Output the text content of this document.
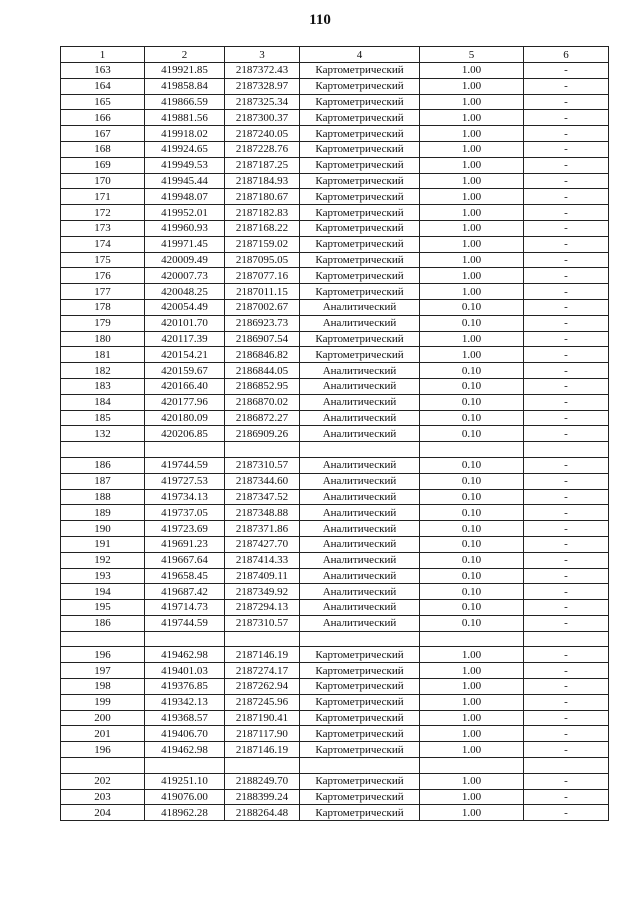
110
1	2	3	4	5	6
163	419921.85	2187372.43	Картометрический	1.00	-
164	419858.84	2187328.97	Картометрический	1.00	-
165	419866.59	2187325.34	Картометрический	1.00	-
166	419881.56	2187300.37	Картометрический	1.00	-
167	419918.02	2187240.05	Картометрический	1.00	-
168	419924.65	2187228.76	Картометрический	1.00	-
169	419949.53	2187187.25	Картометрический	1.00	-
170	419945.44	2187184.93	Картометрический	1.00	-
171	419948.07	2187180.67	Картометрический	1.00	-
172	419952.01	2187182.83	Картометрический	1.00	-
173	419960.93	2187168.22	Картометрический	1.00	-
174	419971.45	2187159.02	Картометрический	1.00	-
175	420009.49	2187095.05	Картометрический	1.00	-
176	420007.73	2187077.16	Картометрический	1.00	-
177	420048.25	2187011.15	Картометрический	1.00	-
178	420054.49	2187002.67	Аналитический	0.10	-
179	420101.70	2186923.73	Аналитический	0.10	-
180	420117.39	2186907.54	Картометрический	1.00	-
181	420154.21	2186846.82	Картометрический	1.00	-
182	420159.67	2186844.05	Аналитический	0.10	-
183	420166.40	2186852.95	Аналитический	0.10	-
184	420177.96	2186870.02	Аналитический	0.10	-
185	420180.09	2186872.27	Аналитический	0.10	-
132	420206.85	2186909.26	Аналитический	0.10	-

186	419744.59	2187310.57	Аналитический	0.10	-
187	419727.53	2187344.60	Аналитический	0.10	-
188	419734.13	2187347.52	Аналитический	0.10	-
189	419737.05	2187348.88	Аналитический	0.10	-
190	419723.69	2187371.86	Аналитический	0.10	-
191	419691.23	2187427.70	Аналитический	0.10	-
192	419667.64	2187414.33	Аналитический	0.10	-
193	419658.45	2187409.11	Аналитический	0.10	-
194	419687.42	2187349.92	Аналитический	0.10	-
195	419714.73	2187294.13	Аналитический	0.10	-
186	419744.59	2187310.57	Аналитический	0.10	-

196	419462.98	2187146.19	Картометрический	1.00	-
197	419401.03	2187274.17	Картометрический	1.00	-
198	419376.85	2187262.94	Картометрический	1.00	-
199	419342.13	2187245.96	Картометрический	1.00	-
200	419368.57	2187190.41	Картометрический	1.00	-
201	419406.70	2187117.90	Картометрический	1.00	-
196	419462.98	2187146.19	Картометрический	1.00	-

202	419251.10	2188249.70	Картометрический	1.00	-
203	419076.00	2188399.24	Картометрический	1.00	-
204	418962.28	2188264.48	Картометрический	1.00	-
